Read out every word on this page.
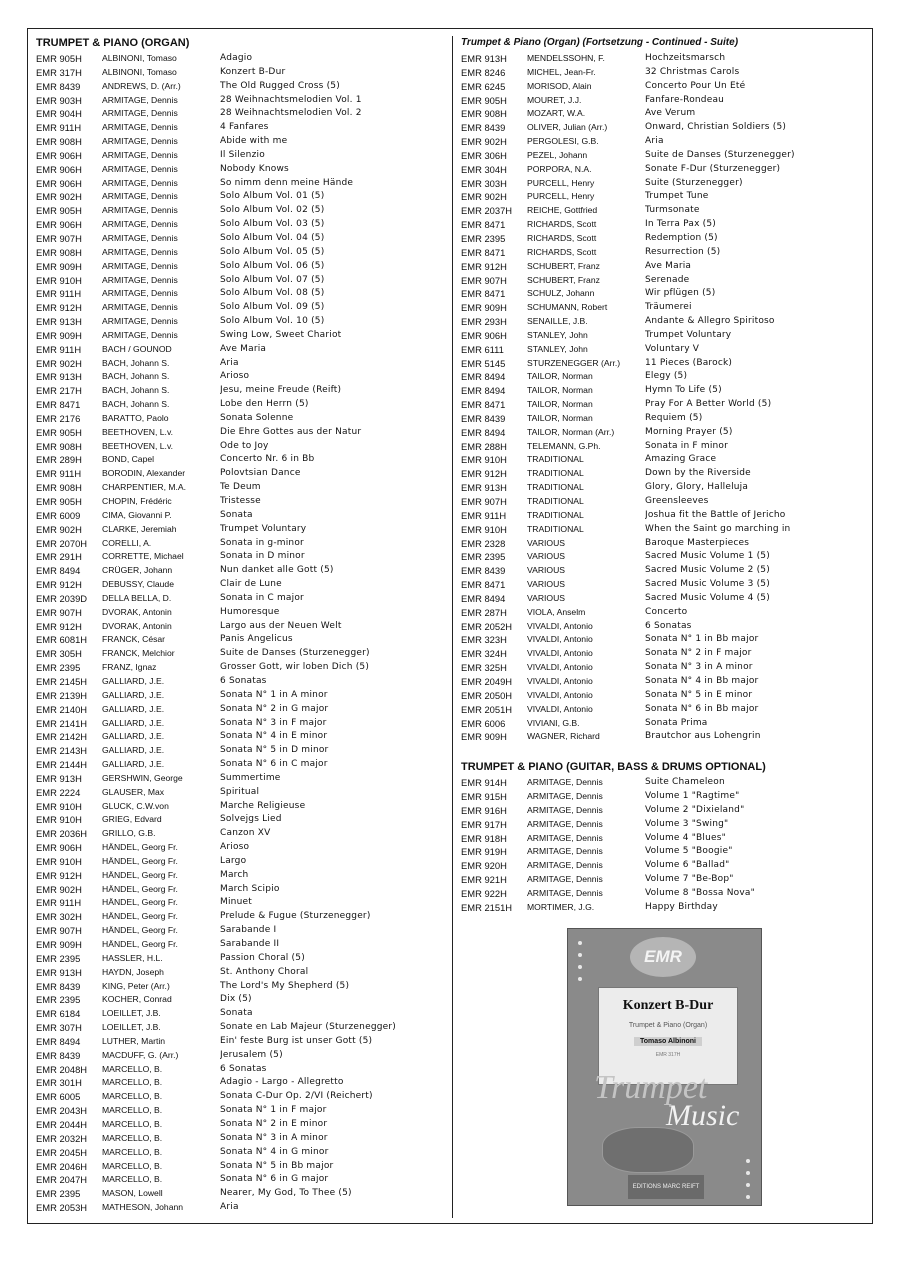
TRUMPET & PIANO (ORGAN)
EMR 905H	ALBINONI, Tomaso	Adagio
EMR 317H	ALBINONI, Tomaso	Konzert B-Dur
EMR 8439	ANDREWS, D. (Arr.)	The Old Rugged Cross (5)
EMR 903H	ARMITAGE, Dennis	28 Weihnachtsmelodien Vol. 1
EMR 904H	ARMITAGE, Dennis	28 Weihnachtsmelodien Vol. 2
EMR 911H	ARMITAGE, Dennis	4 Fanfares
EMR 908H	ARMITAGE, Dennis	Abide with me
EMR 906H	ARMITAGE, Dennis	Il Silenzio
EMR 906H	ARMITAGE, Dennis	Nobody Knows
EMR 906H	ARMITAGE, Dennis	So nimm denn meine Hände
EMR 902H	ARMITAGE, Dennis	Solo Album Vol. 01 (5)
EMR 905H	ARMITAGE, Dennis	Solo Album Vol. 02 (5)
EMR 906H	ARMITAGE, Dennis	Solo Album Vol. 03 (5)
EMR 907H	ARMITAGE, Dennis	Solo Album Vol. 04 (5)
EMR 908H	ARMITAGE, Dennis	Solo Album Vol. 05 (5)
EMR 909H	ARMITAGE, Dennis	Solo Album Vol. 06 (5)
EMR 910H	ARMITAGE, Dennis	Solo Album Vol. 07 (5)
EMR 911H	ARMITAGE, Dennis	Solo Album Vol. 08 (5)
EMR 912H	ARMITAGE, Dennis	Solo Album Vol. 09 (5)
EMR 913H	ARMITAGE, Dennis	Solo Album Vol. 10 (5)
EMR 909H	ARMITAGE, Dennis	Swing Low, Sweet Chariot
EMR 911H	BACH / GOUNOD	Ave Maria
EMR 902H	BACH, Johann S.	Aria
EMR 913H	BACH, Johann S.	Arioso
EMR 217H	BACH, Johann S.	Jesu, meine Freude (Reift)
EMR 8471	BACH, Johann S.	Lobe den Herrn (5)
EMR 2176	BARATTO, Paolo	Sonata Solenne
EMR 905H	BEETHOVEN, L.v.	Die Ehre Gottes aus der Natur
EMR 908H	BEETHOVEN, L.v.	Ode to Joy
EMR 289H	BOND, Capel	Concerto Nr. 6 in Bb
EMR 911H	BORODIN, Alexander	Polovtsian Dance
EMR 908H	CHARPENTIER, M.A.	Te Deum
EMR 905H	CHOPIN, Frédéric	Tristesse
EMR 6009	CIMA, Giovanni P.	Sonata
EMR 902H	CLARKE, Jeremiah	Trumpet Voluntary
EMR 2070H	CORELLI, A.	Sonata in g-minor
EMR 291H	CORRETTE, Michael	Sonata in D minor
EMR 8494	CRÜGER, Johann	Nun danket alle Gott (5)
EMR 912H	DEBUSSY, Claude	Clair de Lune
EMR 2039D	DELLA BELLA, D.	Sonata in C major
EMR 907H	DVORAK, Antonin	Humoresque
EMR 912H	DVORAK, Antonin	Largo aus der Neuen Welt
EMR 6081H	FRANCK, César	Panis Angelicus
EMR 305H	FRANCK, Melchior	Suite de Danses (Sturzenegger)
EMR 2395	FRANZ, Ignaz	Grosser Gott, wir loben Dich (5)
EMR 2145H	GALLIARD, J.E.	6 Sonatas
EMR 2139H	GALLIARD, J.E.	Sonata N° 1 in A minor
EMR 2140H	GALLIARD, J.E.	Sonata N° 2 in G major
EMR 2141H	GALLIARD, J.E.	Sonata N° 3 in F major
EMR 2142H	GALLIARD, J.E.	Sonata N° 4 in E minor
EMR 2143H	GALLIARD, J.E.	Sonata N° 5 in D minor
EMR 2144H	GALLIARD, J.E.	Sonata N° 6 in C major
EMR 913H	GERSHWIN, George	Summertime
EMR 2224	GLAUSER, Max	Spiritual
EMR 910H	GLUCK, C.W.von	Marche Religieuse
EMR 910H	GRIEG, Edvard	Solvejgs Lied
EMR 2036H	GRILLO, G.B.	Canzon XV
EMR 906H	HÄNDEL, Georg Fr.	Arioso
EMR 910H	HÄNDEL, Georg Fr.	Largo
EMR 912H	HÄNDEL, Georg Fr.	March
EMR 902H	HÄNDEL, Georg Fr.	March Scipio
EMR 911H	HÄNDEL, Georg Fr.	Minuet
EMR 302H	HÄNDEL, Georg Fr.	Prelude & Fugue (Sturzenegger)
EMR 907H	HÄNDEL, Georg Fr.	Sarabande I
EMR 909H	HÄNDEL, Georg Fr.	Sarabande II
EMR 2395	HASSLER, H.L.	Passion Choral (5)
EMR 913H	HAYDN, Joseph	St. Anthony Choral
EMR 8439	KING, Peter (Arr.)	The Lord's My Shepherd (5)
EMR 2395	KOCHER, Conrad	Dix (5)
EMR 6184	LOEILLET, J.B.	Sonata
EMR 307H	LOEILLET, J.B.	Sonate en Lab Majeur (Sturzenegger)
EMR 8494	LUTHER, Martin	Ein' feste Burg ist unser Gott (5)
EMR 8439	MACDUFF, G. (Arr.)	Jerusalem (5)
EMR 2048H	MARCELLO, B.	6 Sonatas
EMR 301H	MARCELLO, B.	Adagio - Largo - Allegretto
EMR 6005	MARCELLO, B.	Sonata C-Dur Op. 2/VI (Reichert)
EMR 2043H	MARCELLO, B.	Sonata N° 1 in F major
EMR 2044H	MARCELLO, B.	Sonata N° 2 in E minor
EMR 2032H	MARCELLO, B.	Sonata N° 3 in A minor
EMR 2045H	MARCELLO, B.	Sonata N° 4 in G minor
EMR 2046H	MARCELLO, B.	Sonata N° 5 in Bb major
EMR 2047H	MARCELLO, B.	Sonata N° 6 in G major
EMR 2395	MASON, Lowell	Nearer, My God, To Thee (5)
EMR 2053H	MATHESON, Johann	Aria
Trumpet & Piano (Organ) (Fortsetzung - Continued - Suite)
EMR 913H	MENDELSSOHN, F.	Hochzeitsmarsch
EMR 8246	MICHEL, Jean-Fr.	32 Christmas Carols
EMR 6245	MORISOD, Alain	Concerto Pour Un Eté
EMR 905H	MOURET, J.J.	Fanfare-Rondeau
EMR 908H	MOZART, W.A.	Ave Verum
EMR 8439	OLIVER, Julian (Arr.)	Onward, Christian Soldiers (5)
EMR 902H	PERGOLESI, G.B.	Aria
EMR 306H	PEZEL, Johann	Suite de Danses (Sturzenegger)
EMR 304H	PORPORA, N.A.	Sonate F-Dur (Sturzenegger)
EMR 303H	PURCELL, Henry	Suite (Sturzenegger)
EMR 902H	PURCELL, Henry	Trumpet Tune
EMR 2037H	REICHE, Gottfried	Turmsonate
EMR 8471	RICHARDS, Scott	In Terra Pax (5)
EMR 2395	RICHARDS, Scott	Redemption (5)
EMR 8471	RICHARDS, Scott	Resurrection (5)
EMR 912H	SCHUBERT, Franz	Ave Maria
EMR 907H	SCHUBERT, Franz	Serenade
EMR 8471	SCHULZ, Johann	Wir pflügen (5)
EMR 909H	SCHUMANN, Robert	Träumerei
EMR 293H	SENAILLE, J.B.	Andante & Allegro Spiritoso
EMR 906H	STANLEY, John	Trumpet Voluntary
EMR 6111	STANLEY, John	Voluntary V
EMR 5145	STURZENEGGER (Arr.)	11 Pieces (Barock)
EMR 8494	TAILOR, Norman	Elegy (5)
EMR 8494	TAILOR, Norman	Hymn To Life (5)
EMR 8471	TAILOR, Norman	Pray For A Better World (5)
EMR 8439	TAILOR, Norman	Requiem (5)
EMR 8494	TAILOR, Norman (Arr.)	Morning Prayer (5)
EMR 288H	TELEMANN, G.Ph.	Sonata in F minor
EMR 910H	TRADITIONAL	Amazing Grace
EMR 912H	TRADITIONAL	Down by the Riverside
EMR 913H	TRADITIONAL	Glory, Glory, Halleluja
EMR 907H	TRADITIONAL	Greensleeves
EMR 911H	TRADITIONAL	Joshua fit the Battle of Jericho
EMR 910H	TRADITIONAL	When the Saint go marching in
EMR 2328	VARIOUS	Baroque Masterpieces
EMR 2395	VARIOUS	Sacred Music Volume 1 (5)
EMR 8439	VARIOUS	Sacred Music Volume 2 (5)
EMR 8471	VARIOUS	Sacred Music Volume 3 (5)
EMR 8494	VARIOUS	Sacred Music Volume 4 (5)
EMR 287H	VIOLA, Anselm	Concerto
EMR 2052H	VIVALDI, Antonio	6 Sonatas
EMR 323H	VIVALDI, Antonio	Sonata N° 1 in Bb major
EMR 324H	VIVALDI, Antonio	Sonata N° 2 in F major
EMR 325H	VIVALDI, Antonio	Sonata N° 3 in A minor
EMR 2049H	VIVALDI, Antonio	Sonata N° 4 in Bb major
EMR 2050H	VIVALDI, Antonio	Sonata N° 5 in E minor
EMR 2051H	VIVALDI, Antonio	Sonata N° 6 in Bb major
EMR 6006	VIVIANI, G.B.	Sonata Prima
EMR 909H	WAGNER, Richard	Brautchor aus Lohengrin
TRUMPET & PIANO (GUITAR, BASS & DRUMS OPTIONAL)
EMR 914H	ARMITAGE, Dennis	Suite Chameleon
EMR 915H	ARMITAGE, Dennis	Volume 1 "Ragtime"
EMR 916H	ARMITAGE, Dennis	Volume 2 "Dixieland"
EMR 917H	ARMITAGE, Dennis	Volume 3 "Swing"
EMR 918H	ARMITAGE, Dennis	Volume 4 "Blues"
EMR 919H	ARMITAGE, Dennis	Volume 5 "Boogie"
EMR 920H	ARMITAGE, Dennis	Volume 6 "Ballad"
EMR 921H	ARMITAGE, Dennis	Volume 7 "Be-Bop"
EMR 922H	ARMITAGE, Dennis	Volume 8 "Bossa Nova"
EMR 2151H	MORTIMER, J.G.	Happy Birthday
EMR
Konzert B-Dur
Trumpet & Piano (Organ)
Tomaso Albinoni
EMR 317H
Trumpet
Music
EDITIONS MARC REIFT
